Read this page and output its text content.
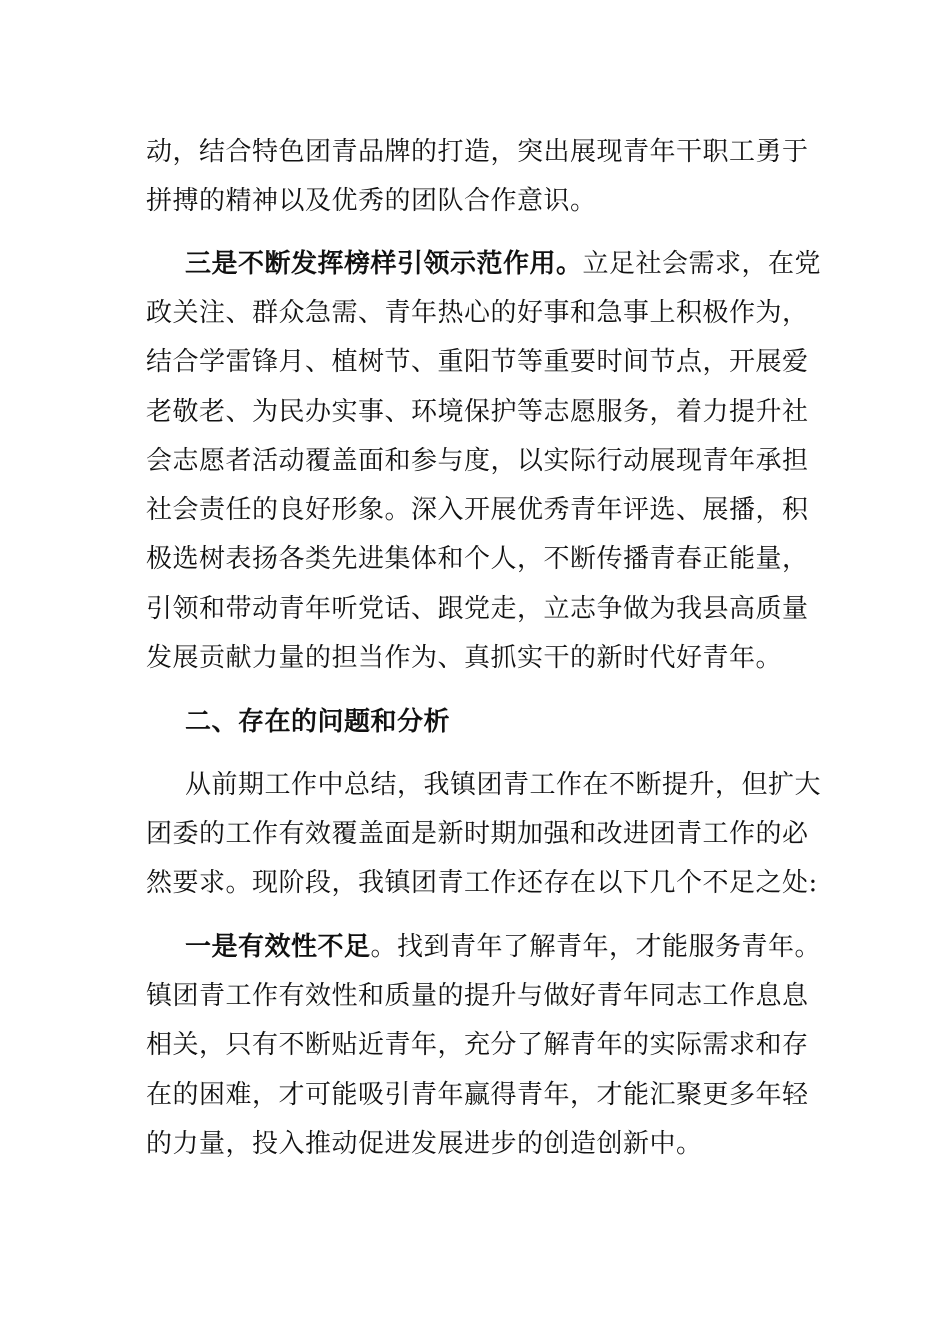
动，结合特色团青品牌的打造，突出展现青年干职工勇于
拼搏的精神以及优秀的团队合作意识。
三是不断发挥榜样引领示范作用。立足社会需求，在党
政关注、群众急需、青年热心的好事和急事上积极作为，
结合学雷锋月、植树节、重阳节等重要时间节点，开展爱
老敬老、为民办实事、环境保护等志愿服务，着力提升社
会志愿者活动覆盖面和参与度，以实际行动展现青年承担
社会责任的良好形象。深入开展优秀青年评选、展播，积
极选树表扬各类先进集体和个人，不断传播青春正能量，
引领和带动青年听党话、跟党走，立志争做为我县高质量
发展贡献力量的担当作为、真抓实干的新时代好青年。
二、存在的问题和分析
从前期工作中总结，我镇团青工作在不断提升，但扩大
团委的工作有效覆盖面是新时期加强和改进团青工作的必
然要求。现阶段，我镇团青工作还存在以下几个不足之处:
一是有效性不足。找到青年了解青年，才能服务青年。
镇团青工作有效性和质量的提升与做好青年同志工作息息
相关，只有不断贴近青年，充分了解青年的实际需求和存
在的困难，才可能吸引青年赢得青年，才能汇聚更多年轻
的力量，投入推动促进发展进步的创造创新中。
